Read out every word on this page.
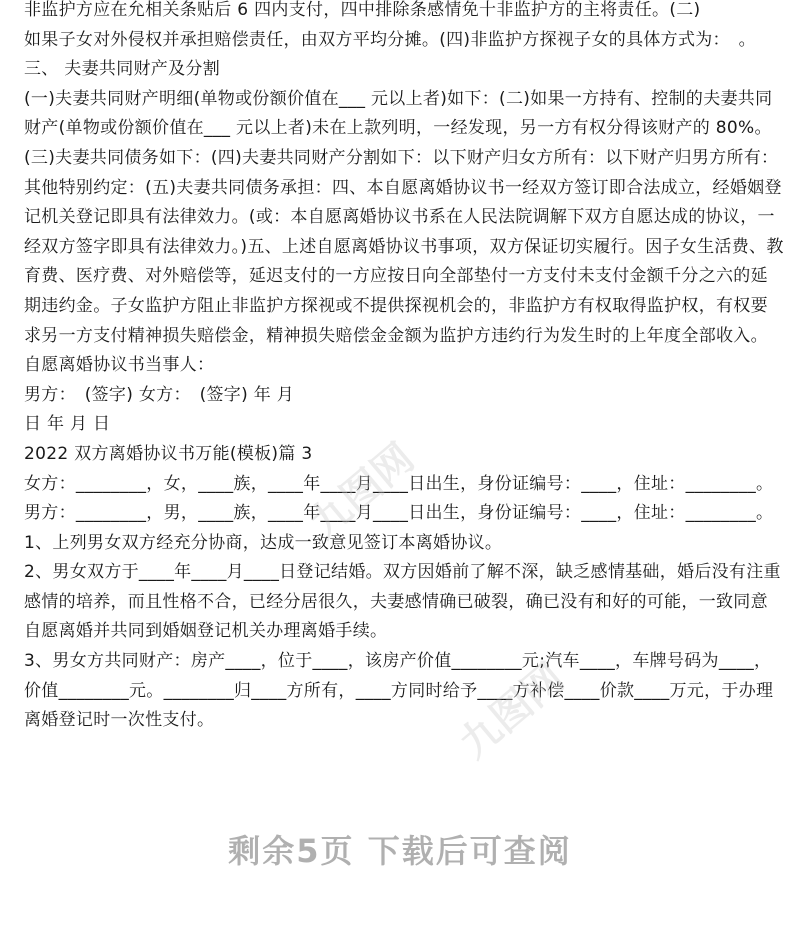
非监护方应在允相关条贴后 6 四内支付，四中排除条感情免十非监护方的主将责任。(二)

如果子女对外侵权并承担赔偿责任，由双方平均分摊。(四)非监护方探视子女的具体方式为：　。

三、 夫妻共同财产及分割

(一)夫妻共同财产明细(单物或份额价值在___ 元以上者)如下：(二)如果一方持有、控制的夫妻共同财产(单物或份额价值在___ 元以上者)未在上款列明，一经发现，另一方有权分得该财产的 80%。

(三)夫妻共同债务如下：(四)夫妻共同财产分割如下：以下财产归女方所有：以下财产归男方所有：其他特别约定：(五)夫妻共同债务承担：四、本自愿离婚协议书一经双方签订即合法成立，经婚姻登记机关登记即具有法律效力。(或：本自愿离婚协议书系在人民法院调解下双方自愿达成的协议，一经双方签字即具有法律效力。)五、上述自愿离婚协议书事项，双方保证切实履行。因子女生活费、教育费、医疗费、对外赔偿等，延迟支付的一方应按日向全部垫付一方支付未支付金额千分之六的延期违约金。子女监护方阻止非监护方探视或不提供探视机会的，非监护方有权取得监护权，有权要求另一方支付精神损失赔偿金，精神损失赔偿金金额为监护方违约行为发生时的上年度全部收入。 自愿离婚协议书当事人：

男方：　(签字) 女方：　(签字) 年 月

日 年 月 日

2022 双方离婚协议书万能(模板)篇 3

女方：________，女，____族，____年____月____日出生，身份证编号：____，住址：________。

男方：________，男，____族，____年____月____日出生，身份证编号：____，住址：________。

1、上列男女双方经充分协商，达成一致意见签订本离婚协议。

2、男女双方于____年____月____日登记结婚。双方因婚前了解不深，缺乏感情基础，婚后没有注重感情的培养，而且性格不合，已经分居很久，夫妻感情确已破裂，确已没有和好的可能，一致同意自愿离婚并共同到婚姻登记机关办理离婚手续。

3、男女方共同财产：房产____，位于____，该房产价值________元;汽车____，车牌号码为____，价值________元。________归____方所有，____方同时给予____方补偿____价款____万元，于办理离婚登记时一次性支付。

九图网
九图网
剩余5页 下载后可查阅
